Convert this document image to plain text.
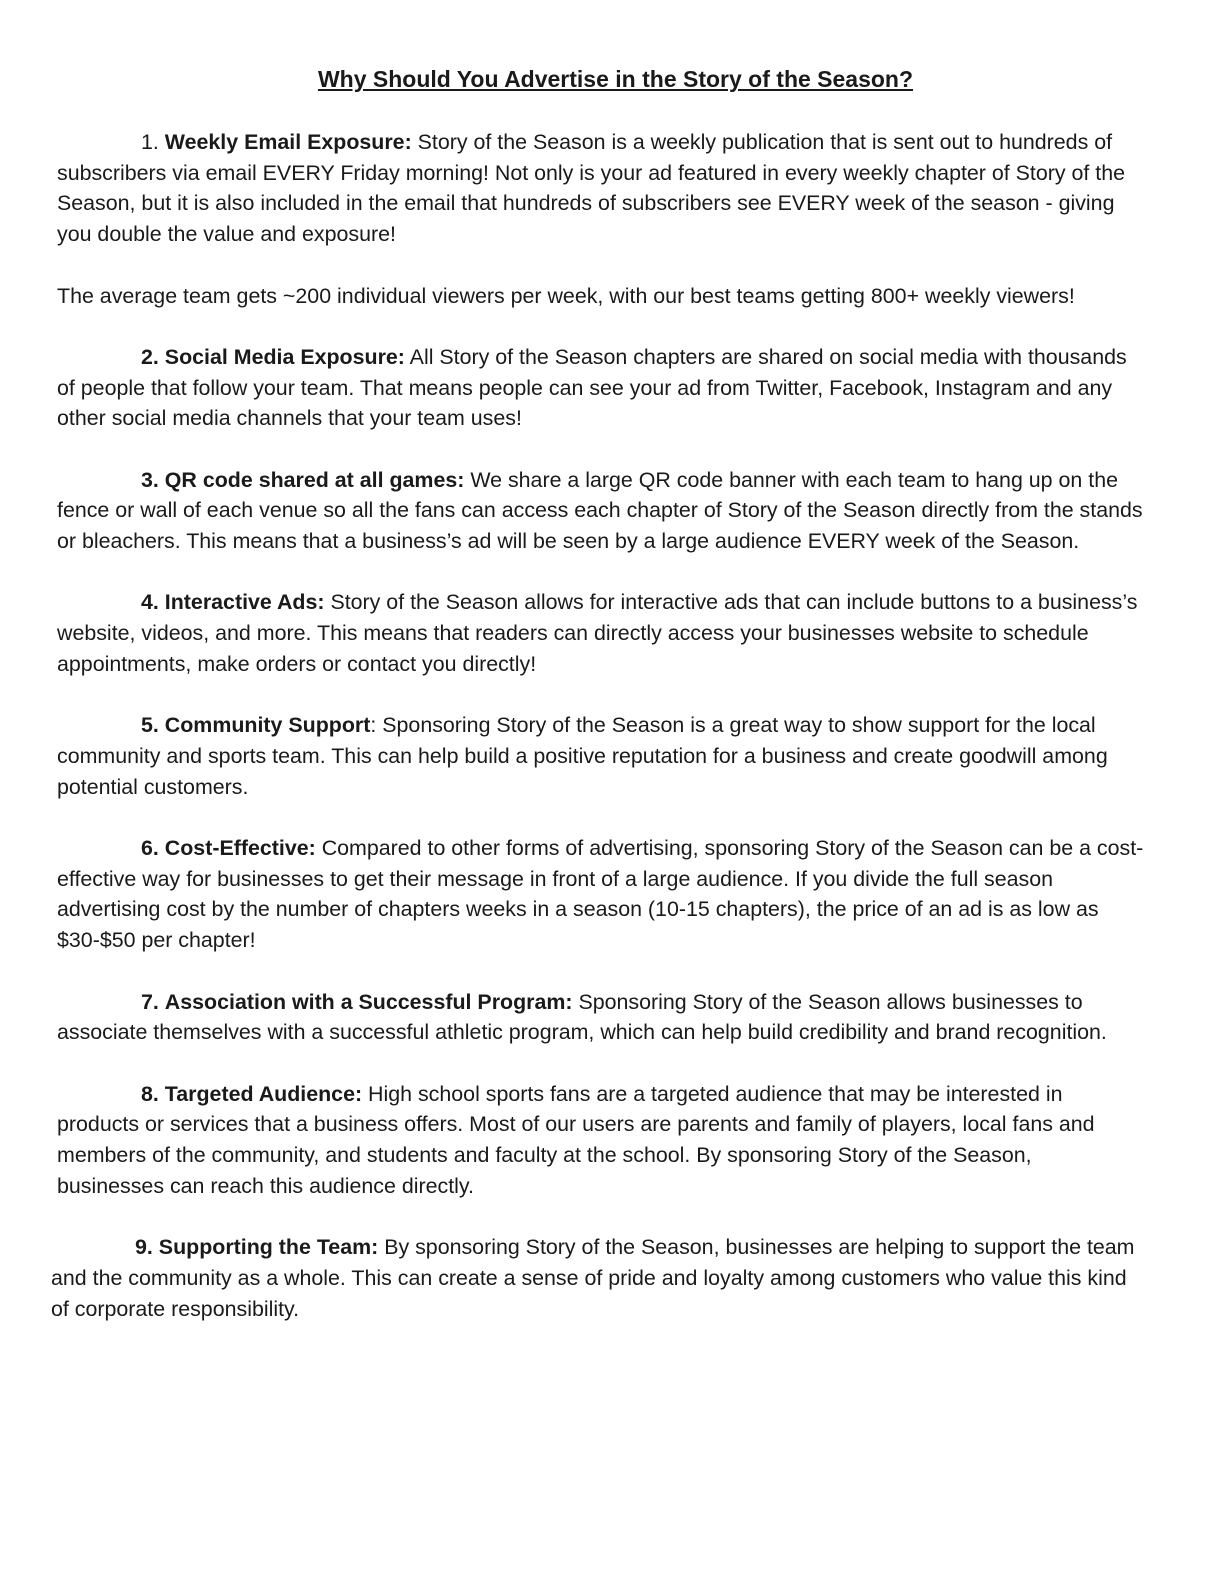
Why Should You Advertise in the Story of the Season?

1. Weekly Email Exposure: Story of the Season is a weekly publication that is sent out to hundreds of subscribers via email EVERY Friday morning! Not only is your ad featured in every weekly chapter of Story of the Season, but it is also included in the email that hundreds of subscribers see EVERY week of the season - giving you double the value and exposure!

The average team gets ~200 individual viewers per week, with our best teams getting 800+ weekly viewers!

2. Social Media Exposure: All Story of the Season chapters are shared on social media with thousands of people that follow your team. That means people can see your ad from Twitter, Facebook, Instagram and any other social media channels that your team uses!

3. QR code shared at all games: We share a large QR code banner with each team to hang up on the fence or wall of each venue so all the fans can access each chapter of Story of the Season directly from the stands or bleachers. This means that a business’s ad will be seen by a large audience EVERY week of the Season.

4. Interactive Ads: Story of the Season allows for interactive ads that can include buttons to a business’s website, videos, and more. This means that readers can directly access your businesses website to schedule appointments, make orders or contact you directly!

5. Community Support: Sponsoring Story of the Season is a great way to show support for the local community and sports team. This can help build a positive reputation for a business and create goodwill among potential customers.

6. Cost-Effective: Compared to other forms of advertising, sponsoring Story of the Season can be a cost-effective way for businesses to get their message in front of a large audience. If you divide the full season advertising cost by the number of chapters weeks in a season (10-15 chapters), the price of an ad is as low as $30-$50 per chapter!

7. Association with a Successful Program: Sponsoring Story of the Season allows businesses to associate themselves with a successful athletic program, which can help build credibility and brand recognition.

8. Targeted Audience: High school sports fans are a targeted audience that may be interested in products or services that a business offers. Most of our users are parents and family of players, local fans and members of the community, and students and faculty at the school. By sponsoring Story of the Season, businesses can reach this audience directly.

9. Supporting the Team: By sponsoring Story of the Season, businesses are helping to support the team and the community as a whole. This can create a sense of pride and loyalty among customers who value this kind of corporate responsibility.
